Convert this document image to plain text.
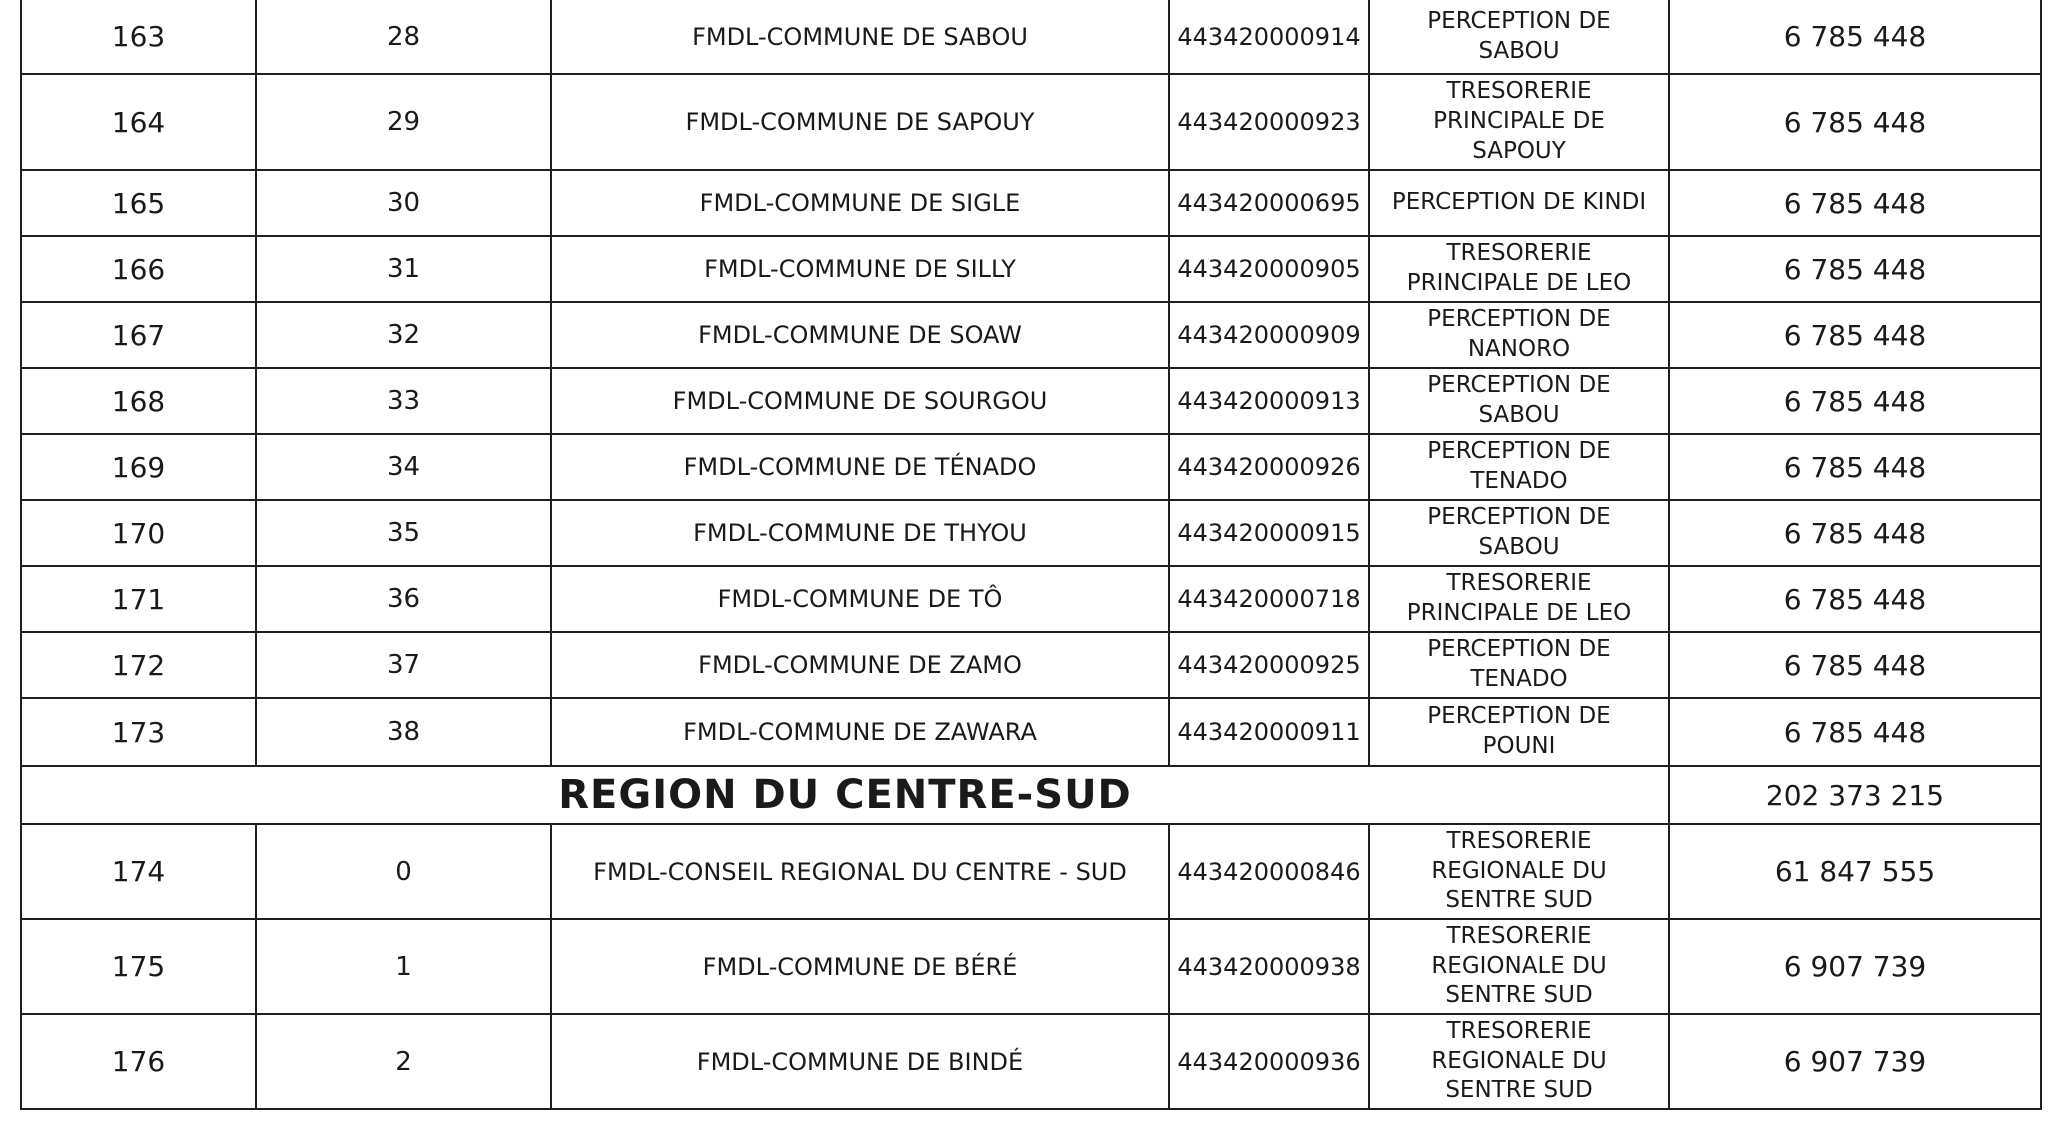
163	28	FMDL-COMMUNE DE SABOU	443420000914	PERCEPTION DE
SABOU	6 785 448
164	29	FMDL-COMMUNE DE SAPOUY	443420000923	TRESORERIE
PRINCIPALE DE
SAPOUY	6 785 448
165	30	FMDL-COMMUNE DE SIGLE	443420000695	PERCEPTION DE KINDI	6 785 448
166	31	FMDL-COMMUNE DE SILLY	443420000905	TRESORERIE
PRINCIPALE DE LEO	6 785 448
167	32	FMDL-COMMUNE DE SOAW	443420000909	PERCEPTION DE
NANORO	6 785 448
168	33	FMDL-COMMUNE DE SOURGOU	443420000913	PERCEPTION DE
SABOU	6 785 448
169	34	FMDL-COMMUNE DE TÉNADO	443420000926	PERCEPTION DE
TENADO	6 785 448
170	35	FMDL-COMMUNE DE THYOU	443420000915	PERCEPTION DE
SABOU	6 785 448
171	36	FMDL-COMMUNE DE TÔ	443420000718	TRESORERIE
PRINCIPALE DE LEO	6 785 448
172	37	FMDL-COMMUNE DE ZAMO	443420000925	PERCEPTION DE
TENADO	6 785 448
173	38	FMDL-COMMUNE DE ZAWARA	443420000911	PERCEPTION DE
POUNI	6 785 448
REGION DU CENTRE-SUD					202 373 215
174	0	FMDL-CONSEIL REGIONAL DU CENTRE - SUD	443420000846	TRESORERIE
REGIONALE DU
SENTRE SUD	61 847 555
175	1	FMDL-COMMUNE DE BÉRÉ	443420000938	TRESORERIE
REGIONALE DU
SENTRE SUD	6 907 739
176	2	FMDL-COMMUNE DE BINDÉ	443420000936	TRESORERIE
REGIONALE DU
SENTRE SUD	6 907 739
